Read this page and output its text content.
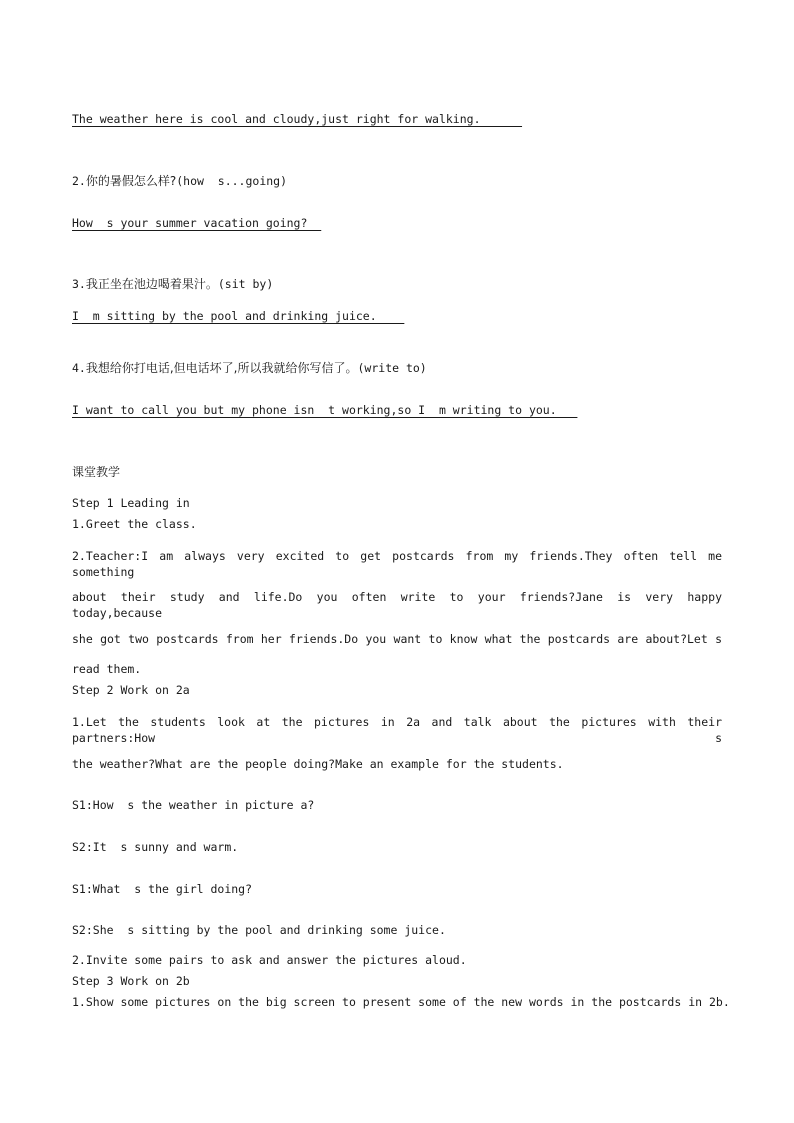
The weather here is cool and cloudy,just right for walking.
2.你的暑假怎么样?(how  s...going)
How  s your summer vacation going?
3.我正坐在池边喝着果汁。(sit by)
I  m sitting by the pool and drinking juice.
4.我想给你打电话,但电话坏了,所以我就给你写信了。(write to)
I want to call you but my phone isn  t working,so I  m writing to you.
课堂教学
Step 1 Leading in
1.Greet the class.
2.Teacher:I am always very excited to get postcards from my friends.They often tell me something
about their study and life.Do you often write to your friends?Jane is very happy today,because
she got two postcards from her friends.Do you want to know what the postcards are about?Let s
read them.
Step 2 Work on 2a
1.Let the students look at the pictures in 2a and talk about the pictures with their partners:How s
the weather?What are the people doing?Make an example for the students.
S1:How  s the weather in picture a?
S2:It  s sunny and warm.
S1:What  s the girl doing?
S2:She  s sitting by the pool and drinking some juice.
2.Invite some pairs to ask and answer the pictures aloud.
Step 3 Work on 2b
1.Show some pictures on the big screen to present some of the new words in the postcards in 2b.
